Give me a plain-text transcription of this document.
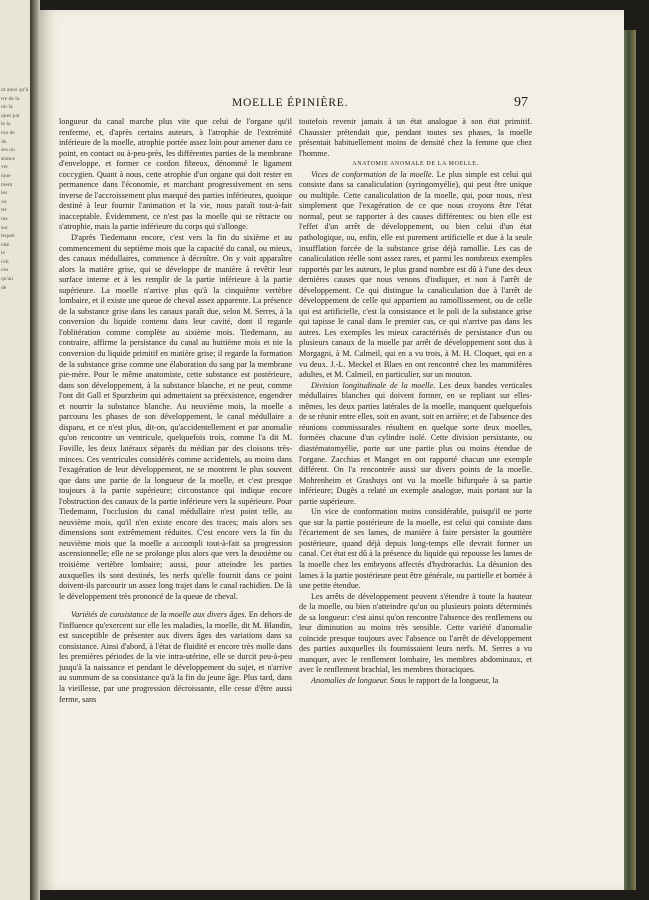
nt ainsi qu'il
rre de la
nir la
ques par
le la
ion de
du
ses ou
stance
ver
ique
ment
les
ou
ter
res
sur
lequel
nde
ie
roit
ces
qu'au
de
MOELLE ÉPINIÈRE.	97

longueur du canal marche plus vite que celui de l'organe qu'il renferme, et, d'après certains auteurs, à l'atrophie de l'extrémité inférieure de la moelle, atrophie portée assez loin pour amener dans ce point, en contact ou à-peu-près, les différentes parties de la membrane d'enveloppe, et former ce cordon fibreux, dénommé le ligament coccygien. Quant à nous, cette atrophie d'un organe qui doit rester en permanence dans l'économie, et marchant progressivement en sens inverse de l'accroissement plus marqué des parties inférieures, quoique destiné à leur fournir l'animation et la vie, nous paraît tout-à-fait inacceptable. Évidemment, ce n'est pas la moelle qui se rétracte ou s'atrophie, mais la partie inférieure du corps qui s'allonge.

D'après Tiedemann encore, c'est vers la fin du sixième et au commencement du septième mois que la capacité du canal, ou mieux, des canaux médullaires, commence à décroître. On y voit apparaître alors la matière grise, qui se développe de manière à revêtir leur surface interne et à les remplir de la partie inférieure à la partie supérieure. La moelle n'arrive plus qu'à la cinquième vertèbre lombaire, et il existe une queue de cheval assez apparente. La présence de la substance grise dans les canaux paraît due, selon M. Serres, à la conversion du liquide contenu dans leur cavité, dont il regarde l'oblitération comme complète au sixième mois. Tiedemann, au contraire, affirme la persistance du canal au huitième mois et nie la conversion du liquide primitif en matière grise; il regarde la formation de la substance grise comme une élaboration du sang par la membrane pie-mère. Pour le même anatomiste, cette substance est postérieure, dans son développement, à la substance blanche, et ne peut, comme l'ont dit Gall et Spurzheim qui admettaient sa préexistence, engendrer et nourrir la substance blanche. Au neuvième mois, la moelle a parcouru les phases de son développement, le canal médullaire a disparu, et ce n'est plus, dit-on, qu'accidentellement et par anomalie qu'on rencontre un ventricule, quelquefois trois, comme l'a dit M. Foville, les deux latéraux séparés du médian par des cloisons très-minces. Ces ventricules considérés comme accidentels, au moins dans l'exagération de leur développement, ne se montrent le plus souvent que dans une partie de la longueur de la moelle, et c'est presque toujours à la partie supérieure; circonstance qui indique encore l'obstruction des canaux de la partie inférieure vers la supérieure. Pour Tiedemann, l'occlusion du canal médullaire n'est point telle, au neuvième mois, qu'il n'en existe encore des traces; mais alors ses dimensions sont extrêmement réduites. C'est encore vers la fin du neuvième mois que la moelle a accompli tout-à-fait sa progression ascensionnelle; elle ne se prolonge plus alors que vers la deuxième ou troisième vertèbre lombaire; aussi, pour atteindre les parties auxquelles ils sont destinés, les nerfs qu'elle fournit dans ce point doivent-ils parcourir un assez long trajet dans le canal rachidien. De là le développement très prononcé de la queue de cheval.

Variétés de consistance de la moelle aux divers âges. En dehors de l'influence qu'exercent sur elle les maladies, la moelle, dit M. Blandin, est susceptible de présenter aux divers âges des variations dans sa consistance. Ainsi d'abord, à l'état de fluidité et encore très molle dans les premières périodes de la vie intra-utérine, elle se durcit peu-à-peu jusqu'à la naissance et pendant le développement du sujet, et n'arrive au summum de sa consistance qu'à la fin du jeune âge. Plus tard, dans la vieillesse, par une progression décroissante, elle cesse d'être aussi ferme, sans

toutefois revenir jamais à un état analogue à son état primitif. Chaussier prétendait que, pendant toutes ses phases, la moelle présentait habituellement moins de densité chez la femme que chez l'homme.

ANATOMIE ANOMALE DE LA MOELLE.

Vices de conformation de la moelle. Le plus simple est celui qui consiste dans sa canaliculation (syringomyélie), qui peut être unique ou multiple. Cette canaliculation de la moelle, qui, pour nous, n'est simplement que l'exagération de ce que nous croyons être l'état normal, peut se rapporter à des causes différentes: ou bien elle est l'effet d'un arrêt de développement, ou bien celui d'un état pathologique, ou, enfin, elle est purement artificielle et due à la seule insufflation forcée de la substance grise déjà ramollie. Les cas de canaliculation réelle sont assez rares, et parmi les nombreux exemples rapportés par les auteurs, le plus grand nombre est dû à l'une des deux dernières causes que nous venons d'indiquer, et non à l'arrêt de développement. Ce qui distingue la canaliculation due à l'arrêt de développement de celle qui appartient au ramollissement, ou de celle qui est artificielle, c'est la consistance et le poli de la substance grise qui tapisse le canal dans le premier cas, ce qui n'arrive pas dans les autres. Les exemples les mieux caractérisés de persistance d'un ou plusieurs canaux de la moelle par arrêt de développement sont dus à Morgagni, à M. Calmeil, qui en a vu trois, à M. H. Cloquet, qui en a vu deux. J.-L. Meckel et Blaes en ont rencontré chez les mammifères adultes, et M. Calmeil, en particulier, sur un mouton.

Division longitudinale de la moelle. Les deux bandes verticales médullaires blanches qui doivent former, en se repliant sur elles-mêmes, les deux parties latérales de la moelle, manquent quelquefois de se réunir entre elles, soit en avant, soit en arrière; et de l'absence des réunions commissurales résultent en quelque sorte deux moelles, formées chacune d'un cylindre isolé. Cette division persistante, ou diastématomyélie, porte sur une partie plus ou moins étendue de l'organe. Zacchias et Manget en ont rapporté chacun une exemple différent. On l'a rencontrée aussi sur divers points de la moelle. Mohrenheim et Grashuys ont vu la moelle bifurquée à sa partie inférieure; Dugès a relaté un exemple analogue, mais portant sur la partie supérieure.

Un vice de conformation moins considérable, puisqu'il ne porte que sur la partie postérieure de la moelle, est celui qui consiste dans l'écartement de ses lames, de manière à faire persister la gouttière postérieure, quand déjà depuis long-temps elle devrait former un canal. Cet état est dû à la présence du liquide qui repousse les lames de la moelle chez les embryons affectés d'hydrorachis. La désunion des lames à la partie postérieure peut être générale, ou partielle et bornée à une petite étendue.

Les arrêts de développement peuvent s'étendre à toute la hauteur de la moelle, ou bien n'atteindre qu'un ou plusieurs points déterminés de sa longueur: c'est ainsi qu'on rencontre l'absence des renflemens ou leur diminution au moins très sensible. Cette variété d'anomalie coïncide presque toujours avec l'absence ou l'arrêt de développement des parties auxquelles ils fournissaient leurs nerfs. M. Serres a vu manquer, avec le renflement lombaire, les membres abdominaux, et avec le renflement brachial, les membres thoraciques.

Anomalies de longueur. Sous le rapport de la longueur, la
